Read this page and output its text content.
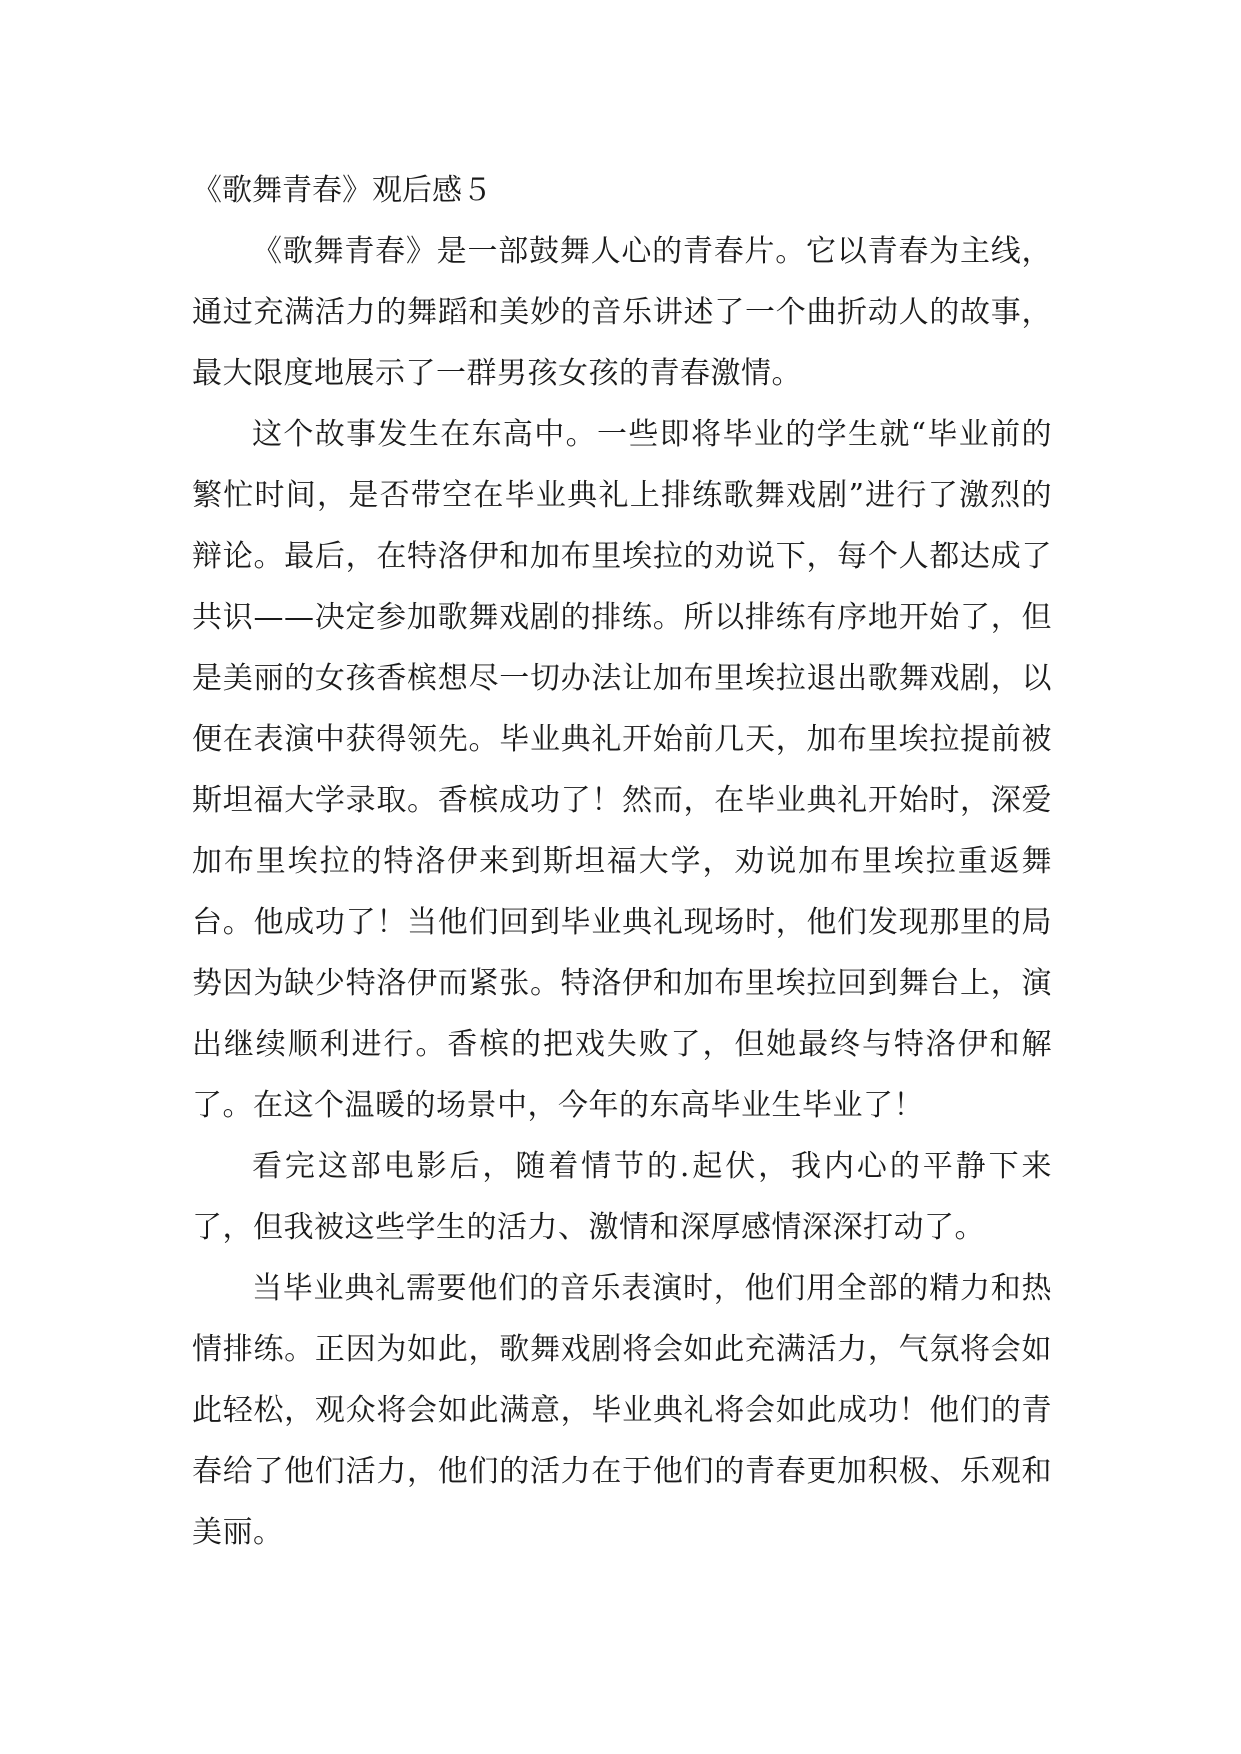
《歌舞青春》观后感５

《歌舞青春》是一部鼓舞人心的青春片。它以青春为主线，通过充满活力的舞蹈和美妙的音乐讲述了一个曲折动人的故事，最大限度地展示了一群男孩女孩的青春激情。

这个故事发生在东高中。一些即将毕业的学生就“毕业前的繁忙时间，是否带空在毕业典礼上排练歌舞戏剧”进行了激烈的辩论。最后，在特洛伊和加布里埃拉的劝说下，每个人都达成了共识——决定参加歌舞戏剧的排练。所以排练有序地开始了，但是美丽的女孩香槟想尽一切办法让加布里埃拉退出歌舞戏剧，以便在表演中获得领先。毕业典礼开始前几天，加布里埃拉提前被斯坦福大学录取。香槟成功了！然而，在毕业典礼开始时，深爱加布里埃拉的特洛伊来到斯坦福大学，劝说加布里埃拉重返舞台。他成功了！当他们回到毕业典礼现场时，他们发现那里的局势因为缺少特洛伊而紧张。特洛伊和加布里埃拉回到舞台上，演出继续顺利进行。香槟的把戏失败了，但她最终与特洛伊和解了。在这个温暖的场景中，今年的东高毕业生毕业了！

看完这部电影后，随着情节的.起伏，我内心的平静下来了，但我被这些学生的活力、激情和深厚感情深深打动了。

当毕业典礼需要他们的音乐表演时，他们用全部的精力和热情排练。正因为如此，歌舞戏剧将会如此充满活力，气氛将会如此轻松，观众将会如此满意，毕业典礼将会如此成功！他们的青春给了他们活力，他们的活力在于他们的青春更加积极、乐观和美丽。
